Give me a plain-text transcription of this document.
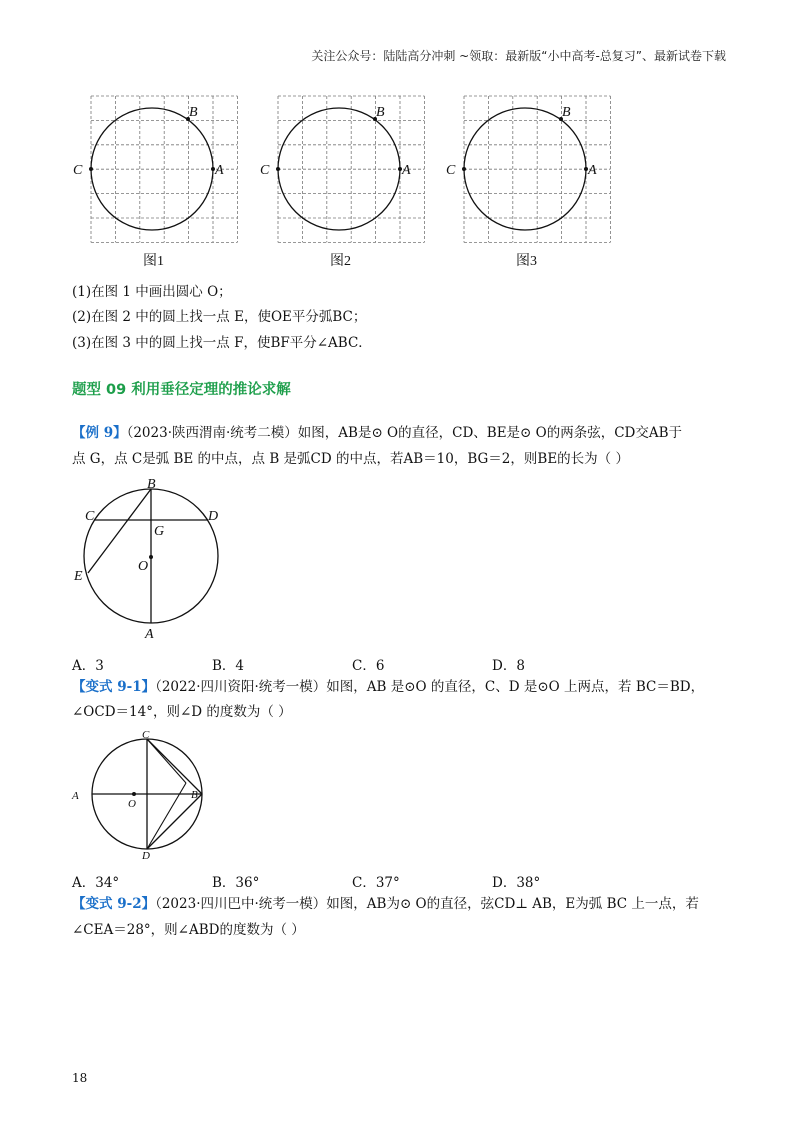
关注公众号：陆陆高分冲刺 ~领取：最新版“小中高考-总复习”、最新试卷下载
B
C	A
图1
B
C	A
图2
B
C	A
图3
(1)在图 1 中画出圆心 O；
(2)在图 2 中的圆上找一点 E，使OE平分弧BC；
(3)在图 3 中的圆上找一点 F，使BF平分∠ABC．
题型 09 利用垂径定理的推论求解
【例 9】（2023·陕西渭南·统考二模）如图，AB是⊙ O的直径，CD、BE是⊙ O的两条弦，CD交AB于
点 G，点 C是弧 BE 的中点，点 B 是弧CD 的中点，若AB＝10，BG＝2，则BE的长为（ ）
B
C	D
G
O
E
A
A．3	B．4	C．6	D．8
【变式 9-1】（2022·四川资阳·统考一模）如图，AB 是⊙O 的直径，C、D 是⊙O 上两点，若 BC＝BD，
∠OCD＝14°，则∠D 的度数为（ ）
C
A
O
B
D
A．34°	B．36°	C．37°	D．38°
【变式 9-2】（2023·四川巴中·统考一模）如图，AB为⊙ O的直径，弦CD⊥ AB，E为弧 BC 上一点，若
∠CEA＝28°，则∠ABD的度数为（ ）
18
